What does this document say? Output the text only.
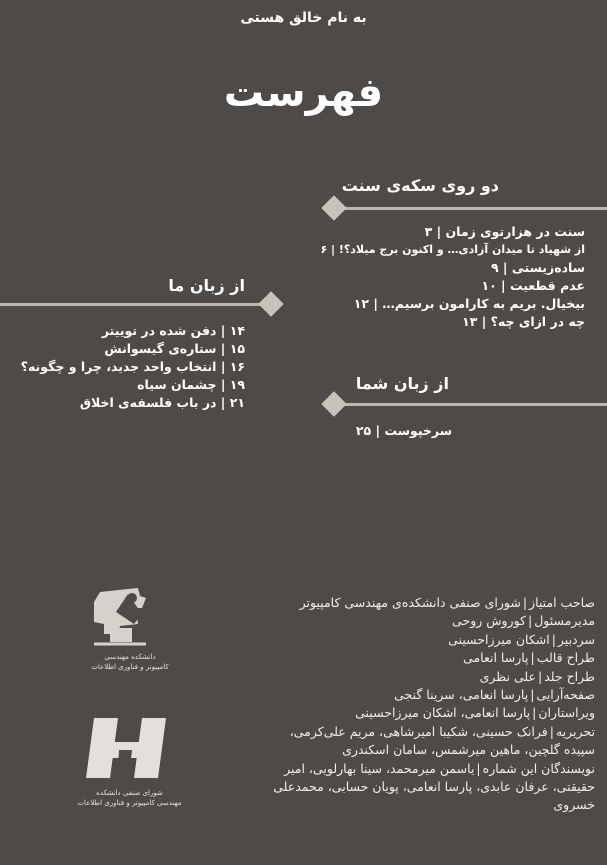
به نام خالق هستی
فهرست
دو روی سکه‌ی سنت
سنت در هزارتوی زمان | ۳
از شهیاد تا میدان آزادی… و اکنون برج میلاد؟! | ۶
ساده‌زیستی | ۹
عدم قطعیت | ۱۰
بیخیال. بریم به کارامون برسیم… | ۱۲
چه در ازای چه؟ | ۱۳
از زبان ما
۱۴ | دفن شده در توییتر
۱۵ | ستاره‌ی گیسوانش
۱۶ | انتخاب واحد جدید، چرا و چگونه؟
۱۹ | چشمان سیاه
۲۱ | در باب فلسفه‌ی اخلاق
از زبان شما
سرخپوست | ۲۵
دانشکده مهندسی
کامپیوتر و فناوری اطلاعات
شورای صنفی دانشکده
مهندسی کامپیوتر و فناوری اطلاعات
صاحب امتیاز|شورای صنفی دانشکده‌ی مهندسی کامپیوتر
مدیرمسئول|کوروش روحی
سردبیر|اشکان میرزاحسینی
طراح قالب|پارسا انعامی
طراح جلد|علی نظری
صفحه‌آرایی|پارسا انعامی، سرینا گنجی
ویراستاران|پارسا انعامی، اشکان میرزاحسینی
تحریریه|فرانک حسینی، شکیبا امیرشاهی، مریم علی‌کرمی،
سپیده گلچین، ماهین میرشمس، سامان اسکندری
نویسندگان این شماره|یاسمن میرمحمد، سینا بهارلویی، امیر
حقیقتی، عرفان عابدی، پارسا انعامی، پویان حسابی، محمدعلی
خسروی
